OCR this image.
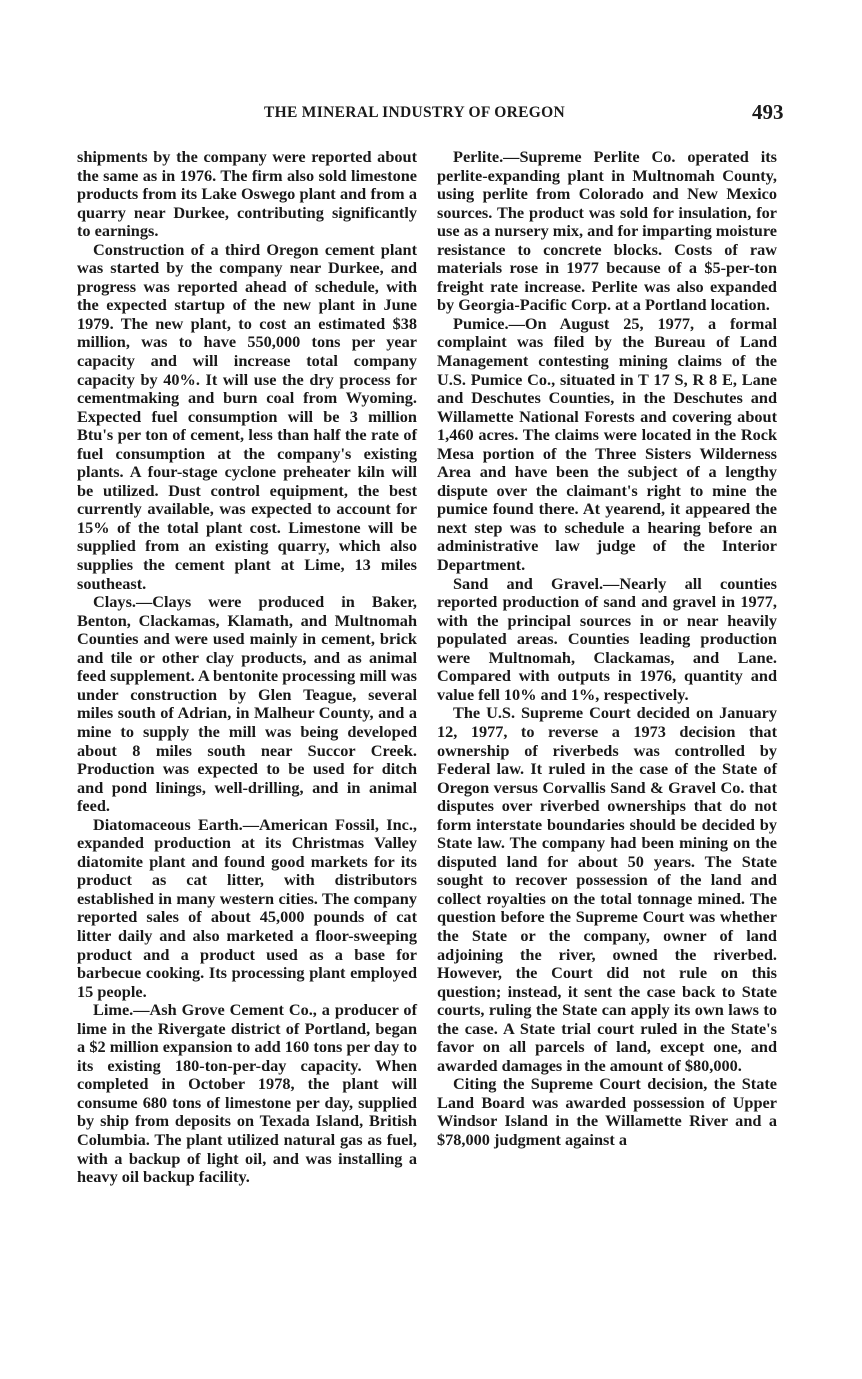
THE MINERAL INDUSTRY OF OREGON	493

shipments by the company were reported about the same as in 1976. The firm also sold limestone products from its Lake Oswego plant and from a quarry near Durkee, contributing significantly to earnings.

Construction of a third Oregon cement plant was started by the company near Durkee, and progress was reported ahead of schedule, with the expected startup of the new plant in June 1979. The new plant, to cost an estimated $38 million, was to have 550,000 tons per year capacity and will increase total company capacity by 40%. It will use the dry process for cementmaking and burn coal from Wyoming. Expected fuel consumption will be 3 million Btu's per ton of cement, less than half the rate of fuel consumption at the company's existing plants. A four-stage cyclone preheater kiln will be utilized. Dust control equipment, the best currently available, was expected to account for 15% of the total plant cost. Limestone will be supplied from an existing quarry, which also supplies the cement plant at Lime, 13 miles southeast.

Clays.—Clays were produced in Baker, Benton, Clackamas, Klamath, and Multnomah Counties and were used mainly in cement, brick and tile or other clay products, and as animal feed supplement. A bentonite processing mill was under construction by Glen Teague, several miles south of Adrian, in Malheur County, and a mine to supply the mill was being developed about 8 miles south near Succor Creek. Production was expected to be used for ditch and pond linings, well-drilling, and in animal feed.

Diatomaceous Earth.—American Fossil, Inc., expanded production at its Christmas Valley diatomite plant and found good markets for its product as cat litter, with distributors established in many western cities. The company reported sales of about 45,000 pounds of cat litter daily and also marketed a floor-sweeping product and a product used as a base for barbecue cooking. Its processing plant employed 15 people.

Lime.—Ash Grove Cement Co., a producer of lime in the Rivergate district of Portland, began a $2 million expansion to add 160 tons per day to its existing 180-ton-per-day capacity. When completed in October 1978, the plant will consume 680 tons of limestone per day, supplied by ship from deposits on Texada Island, British Columbia. The plant utilized natural gas as fuel, with a backup of light oil, and was installing a heavy oil backup facility.

Perlite.—Supreme Perlite Co. operated its perlite-expanding plant in Multnomah County, using perlite from Colorado and New Mexico sources. The product was sold for insulation, for use as a nursery mix, and for imparting moisture resistance to concrete blocks. Costs of raw materials rose in 1977 because of a $5-per-ton freight rate increase. Perlite was also expanded by Georgia-Pacific Corp. at a Portland location.

Pumice.—On August 25, 1977, a formal complaint was filed by the Bureau of Land Management contesting mining claims of the U.S. Pumice Co., situated in T 17 S, R 8 E, Lane and Deschutes Counties, in the Deschutes and Willamette National Forests and covering about 1,460 acres. The claims were located in the Rock Mesa portion of the Three Sisters Wilderness Area and have been the subject of a lengthy dispute over the claimant's right to mine the pumice found there. At yearend, it appeared the next step was to schedule a hearing before an administrative law judge of the Interior Department.

Sand and Gravel.—Nearly all counties reported production of sand and gravel in 1977, with the principal sources in or near heavily populated areas. Counties leading production were Multnomah, Clackamas, and Lane. Compared with outputs in 1976, quantity and value fell 10% and 1%, respectively.

The U.S. Supreme Court decided on January 12, 1977, to reverse a 1973 decision that ownership of riverbeds was controlled by Federal law. It ruled in the case of the State of Oregon versus Corvallis Sand & Gravel Co. that disputes over riverbed ownerships that do not form interstate boundaries should be decided by State law. The company had been mining on the disputed land for about 50 years. The State sought to recover possession of the land and collect royalties on the total tonnage mined. The question before the Supreme Court was whether the State or the company, owner of land adjoining the river, owned the riverbed. However, the Court did not rule on this question; instead, it sent the case back to State courts, ruling the State can apply its own laws to the case. A State trial court ruled in the State's favor on all parcels of land, except one, and awarded damages in the amount of $80,000.

Citing the Supreme Court decision, the State Land Board was awarded possession of Upper Windsor Island in the Willamette River and a $78,000 judgment against a
